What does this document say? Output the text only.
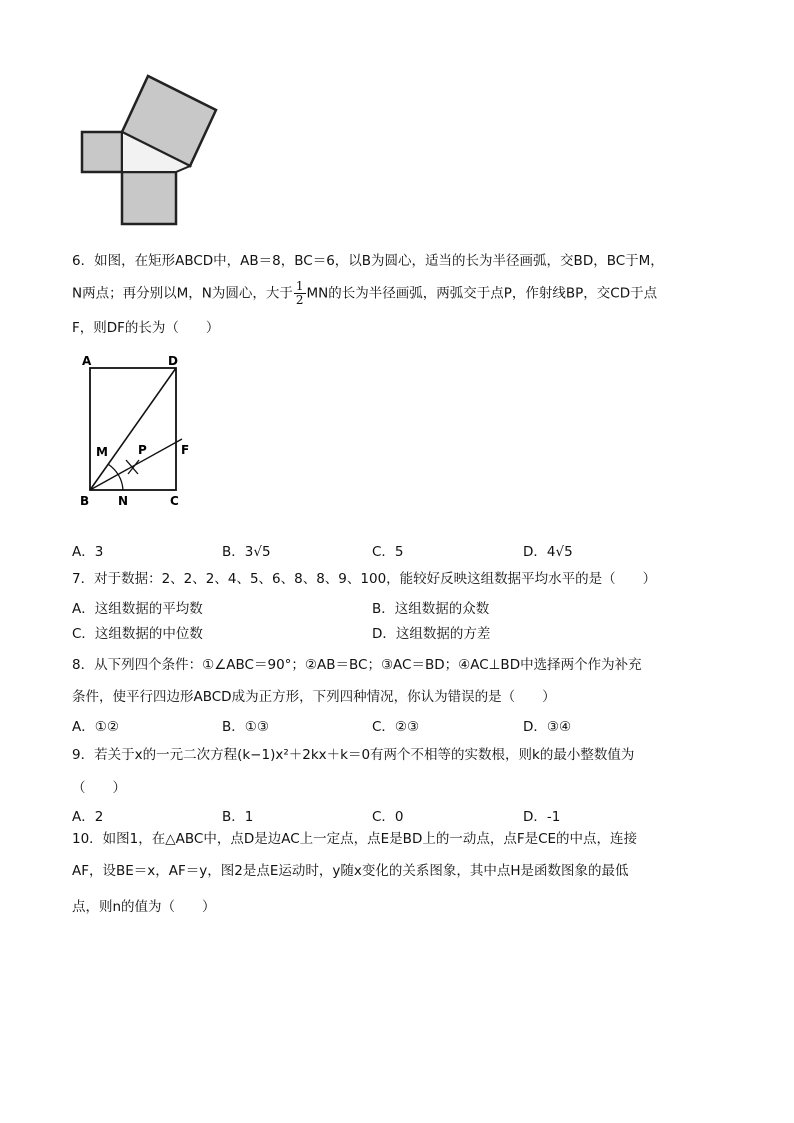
6．如图，在矩形ABCD中，AB＝8，BC＝6，以B为圆心，适当的长为半径画弧，交BD，BC于M，
N两点；再分别以M，N为圆心，大于 $\frac{1}{2}$ MN的长为半径画弧，两弧交于点P，作射线BP，交CD于点
F，则DF的长为（　　）
A	D
B	C
M
N
P	F
A．3	B．3√5	C．5	D．4√5
7．对于数据：2、2、2、4、5、6、8、8、9、100，能较好反映这组数据平均水平的是（　　）
A．这组数据的平均数	B．这组数据的众数
C．这组数据的中位数	D．这组数据的方差
8．从下列四个条件：①∠ABC＝90°；②AB＝BC；③AC＝BD；④AC⊥BD中选择两个作为补充
条件，使平行四边形ABCD成为正方形，下列四种情况，你认为错误的是（　　）
A．①②	B．①③	C．②③	D．③④
9．若关于x的一元二次方程(k−1)x²＋2kx＋k＝0有两个不相等的实数根，则k的最小整数值为
（　　）
A．2	B．1	C．0	D．-1
10．如图1，在△ABC中，点D是边AC上一定点，点E是BD上的一动点，点F是CE的中点，连接
AF，设BE＝x，AF＝y，图2是点E运动时，y随x变化的关系图象，其中点H是函数图象的最低
点，则n的值为（　　）
